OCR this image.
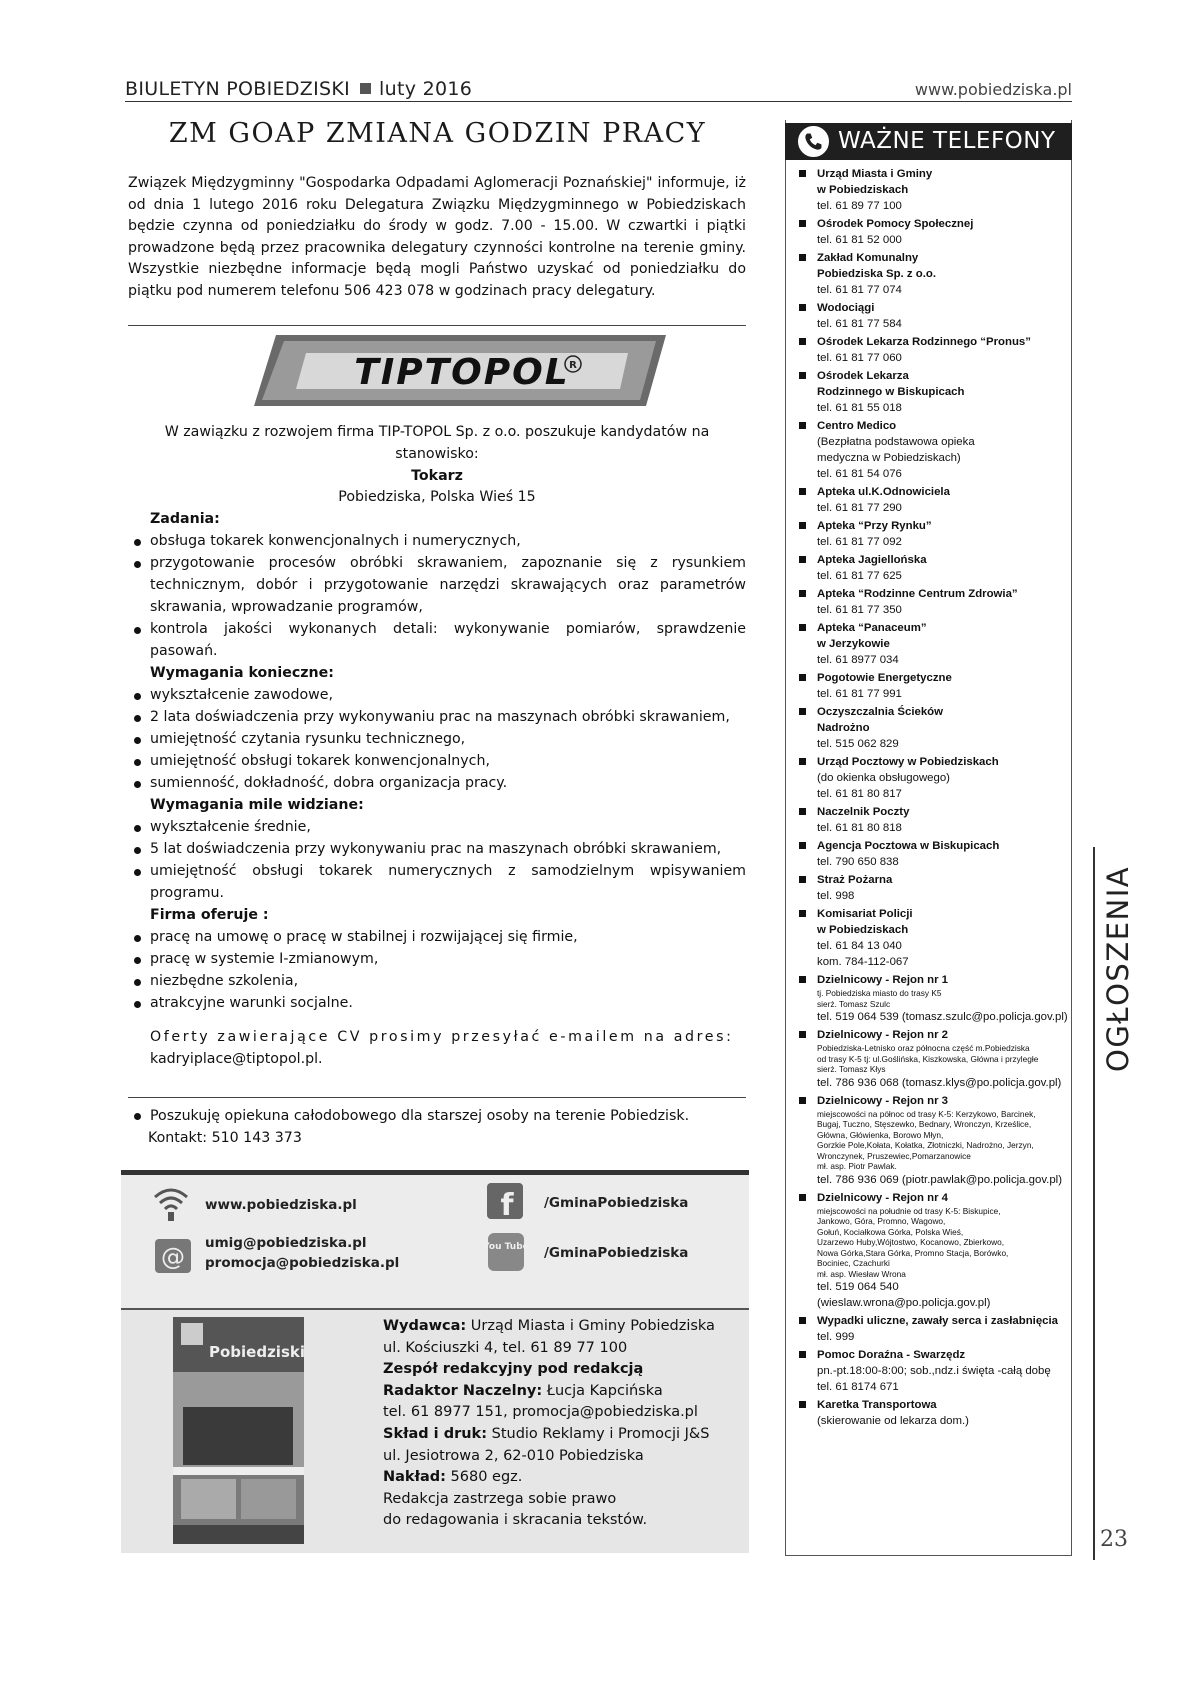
BIULETYN POBIEDZISKI luty 2016	www.pobiedziska.pl
ZM GOAP ZMIANA GODZIN PRACY
Związek Międzygminny "Gospodarka Odpadami Aglomeracji Poznańskiej" informuje, iż od dnia 1 lutego 2016 roku Delegatura Związku Międzygminnego w Pobiedziskach będzie czynna od poniedziałku do środy w godz. 7.00 - 15.00. W czwartki i piątki prowadzone będą przez pracownika delegatury czynności kontrolne na terenie gminy. Wszystkie niezbędne informacje będą mogli Państwo uzyskać od poniedziałku do piątku pod numerem telefonu 506 423 078 w godzinach pracy delegatury.
TIPTOPOL R
W zawiązku z rozwojem firma TIP-TOPOL Sp. z o.o. poszukuje kandydatów na stanowisko:
Tokarz
Pobiedziska, Polska Wieś 15
Zadania:
obsługa tokarek konwencjonalnych i numerycznych,
przygotowanie procesów obróbki skrawaniem, zapoznanie się z rysunkiem technicznym, dobór i przygotowanie narzędzi skrawających oraz parametrów skrawania, wprowadzanie programów,
kontrola jakości wykonanych detali: wykonywanie pomiarów, sprawdzenie pasowań.
Wymagania konieczne:
wykształcenie zawodowe,
2 lata doświadczenia przy wykonywaniu prac na maszynach obróbki skrawaniem,
umiejętność czytania rysunku technicznego,
umiejętność obsługi tokarek konwencjonalnych,
sumienność, dokładność, dobra organizacja pracy.
Wymagania mile widziane:
wykształcenie średnie,
5 lat doświadczenia przy wykonywaniu prac na maszynach obróbki skrawaniem,
umiejętność obsługi tokarek numerycznych z samodzielnym wpisywaniem programu.
Firma oferuje :
pracę na umowę o pracę w stabilnej i rozwijającej się firmie,
pracę w systemie I-zmianowym,
niezbędne szkolenia,
atrakcyjne warunki socjalne.
Oferty zawierające CV prosimy przesyłać e-mailem na adres:
kadryiplace@tiptopol.pl.
Poszukuję opiekuna całodobowego dla starszej osoby na terenie Pobiedzisk.
Kontakt: 510 143 373
www.pobiedziska.pl
@ umig@pobiedziska.pl
promocja@pobiedziska.pl
f /GminaPobiedziska
You Tube /GminaPobiedziska
Pobiedziski
Wydawca: Urząd Miasta i Gminy Pobiedziska
ul. Kościuszki 4, tel. 61 89 77 100
Zespół redakcyjny pod redakcją
Radaktor Naczelny: Łucja Kapcińska
tel. 61 8977 151, promocja@pobiedziska.pl
Skład i druk: Studio Reklamy i Promocji J&S
ul. Jesiotrowa 2, 62-010 Pobiedziska
Nakład: 5680 egz.
Redakcja zastrzega sobie prawo
do redagowania i skracania tekstów.
WAŻNE TELEFONY
Urząd Miasta i Gminy
w Pobiedziskach
tel. 61 89 77 100
Ośrodek Pomocy Społecznej
tel. 61 81 52 000
Zakład Komunalny
Pobiedziska Sp. z o.o.
tel. 61 81 77 074
Wodociągi
tel. 61 81 77 584
Ośrodek Lekarza Rodzinnego “Pronus”
tel. 61 81 77 060
Ośrodek Lekarza
Rodzinnego w Biskupicach
tel. 61 81 55 018
Centro Medico
(Bezpłatna podstawowa opieka
medyczna w Pobiedziskach)
tel. 61 81 54 076
Apteka ul.K.Odnowiciela
tel. 61 81 77 290
Apteka “Przy Rynku”
tel. 61 81 77 092
Apteka Jagiellońska
tel. 61 81 77 625
Apteka “Rodzinne Centrum Zdrowia”
tel. 61 81 77 350
Apteka “Panaceum”
w Jerzykowie
tel. 61 8977 034
Pogotowie Energetyczne
tel. 61 81 77 991
Oczyszczalnia Ścieków
Nadrożno
tel. 515 062 829
Urząd Pocztowy w Pobiedziskach
(do okienka obsługowego)
tel. 61 81 80 817
Naczelnik Poczty
tel. 61 81 80 818
Agencja Pocztowa w Biskupicach
tel. 790 650 838
Straż Pożarna
tel. 998
Komisariat Policji
w Pobiedziskach
tel. 61 84 13 040
kom. 784-112-067
Dzielnicowy - Rejon nr 1
tj. Pobiedziska miasto do trasy K5
sierż. Tomasz Szulc
tel. 519 064 539 (tomasz.szulc@po.policja.gov.pl)
Dzielnicowy - Rejon nr 2
Pobiedziska-Letnisko oraz północna część m.Pobiedziska
od trasy K-5 tj: ul.Goślińska, Kiszkowska, Główna i przyległe
sierż. Tomasz Kłys
tel. 786 936 068 (tomasz.klys@po.policja.gov.pl)
Dzielnicowy - Rejon nr 3
miejscowości na północ od trasy K-5: Kerzykowo, Barcinek,
Bugaj, Tuczno, Stęszewko, Bednary, Wronczyn, Krześlice,
Główna, Główienka, Borowo Młyn,
Gorzkie Pole,Kołata, Kołatka, Złotniczki, Nadrożno, Jerzyn,
Wronczynek, Pruszewiec,Pomarzanowice
mł. asp. Piotr Pawlak.
tel. 786 936 069 (piotr.pawlak@po.policja.gov.pl)
Dzielnicowy - Rejon nr 4
miejscowości na południe od trasy K-5: Biskupice,
Jankowo, Góra, Promno, Wagowo,
Gołuń, Kociałkowa Górka, Polska Wieś,
Uzarzewo Huby,Wójtostwo, Kocanowo, Zbierkowo,
Nowa Górka,Stara Górka, Promno Stacja, Borówko,
Bociniec, Czachurki
mł. asp. Wiesław Wrona
tel. 519 064 540 (wieslaw.wrona@po.policja.gov.pl)
Wypadki uliczne, zawały serca i zasłabnięcia
tel. 999
Pomoc Doraźna - Swarzędz
pn.-pt.18:00-8:00; sob.,ndz.i święta -całą dobę
tel. 61 8174 671
Karetka Transportowa
(skierowanie od lekarza dom.)
OGŁOSZENIA
23
